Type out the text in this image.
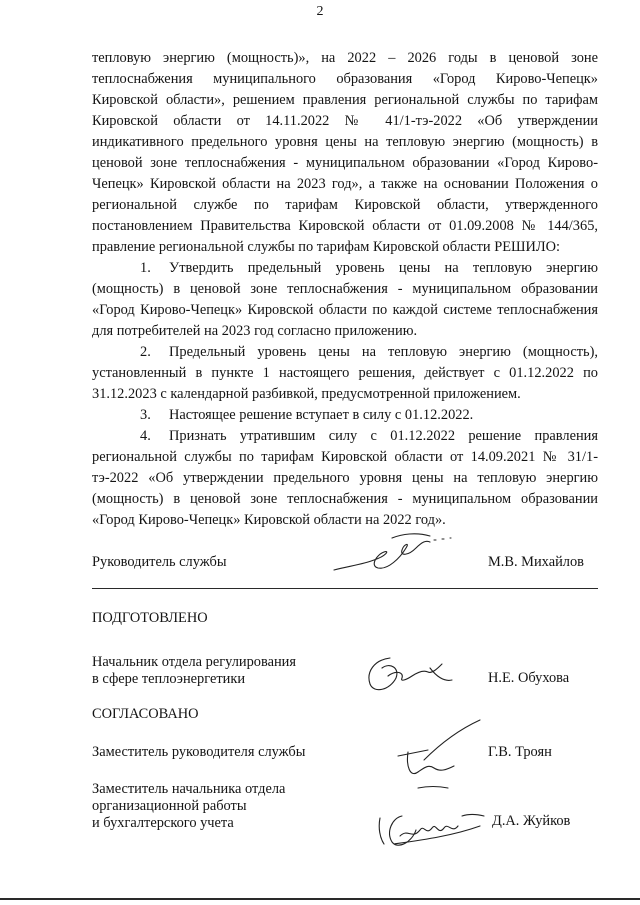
2

тепловую энергию (мощность)», на 2022 – 2026 годы в ценовой зоне теплоснабжения муниципального образования «Город Кирово-Чепецк» Кировской области», решением правления региональной службы по тарифам Кировской области от 14.11.2022 № 41/1-тэ-2022 «Об утверждении индикативного предельного уровня цены на тепловую энергию (мощность) в ценовой зоне теплоснабжения - муниципальном образовании «Город Кирово-Чепецк» Кировской области на 2023 год», а также на основании Положения о региональной службе по тарифам Кировской области, утвержденного постановлением Правительства Кировской области от 01.09.2008 № 144/365, правление региональной службы по тарифам Кировской области РЕШИЛО:

1. Утвердить предельный уровень цены на тепловую энергию (мощность) в ценовой зоне теплоснабжения - муниципальном образовании «Город Кирово-Чепецк» Кировской области по каждой системе теплоснабжения для потребителей на 2023 год согласно приложению.

2. Предельный уровень цены на тепловую энергию (мощность), установленный в пункте 1 настоящего решения, действует с 01.12.2022 по 31.12.2023 с календарной разбивкой, предусмотренной приложением.

3. Настоящее решение вступает в силу с 01.12.2022.

4. Признать утратившим силу с 01.12.2022 решение правления региональной службы по тарифам Кировской области от 14.09.2021 № 31/1-тэ-2022 «Об утверждении предельного уровня цены на тепловую энергию (мощность) в ценовой зоне теплоснабжения - муниципальном образовании «Город Кирово-Чепецк» Кировской области на 2022 год».

Руководитель службы	М.В. Михайлов
ПОДГОТОВЛЕНО
Начальник отдела регулирования
в сфере теплоэнергетики	Н.Е. Обухова
СОГЛАСОВАНО
Заместитель руководителя службы	Г.В. Троян
Заместитель начальника отдела
организационной работы
и бухгалтерского учета	Д.А. Жуйков
